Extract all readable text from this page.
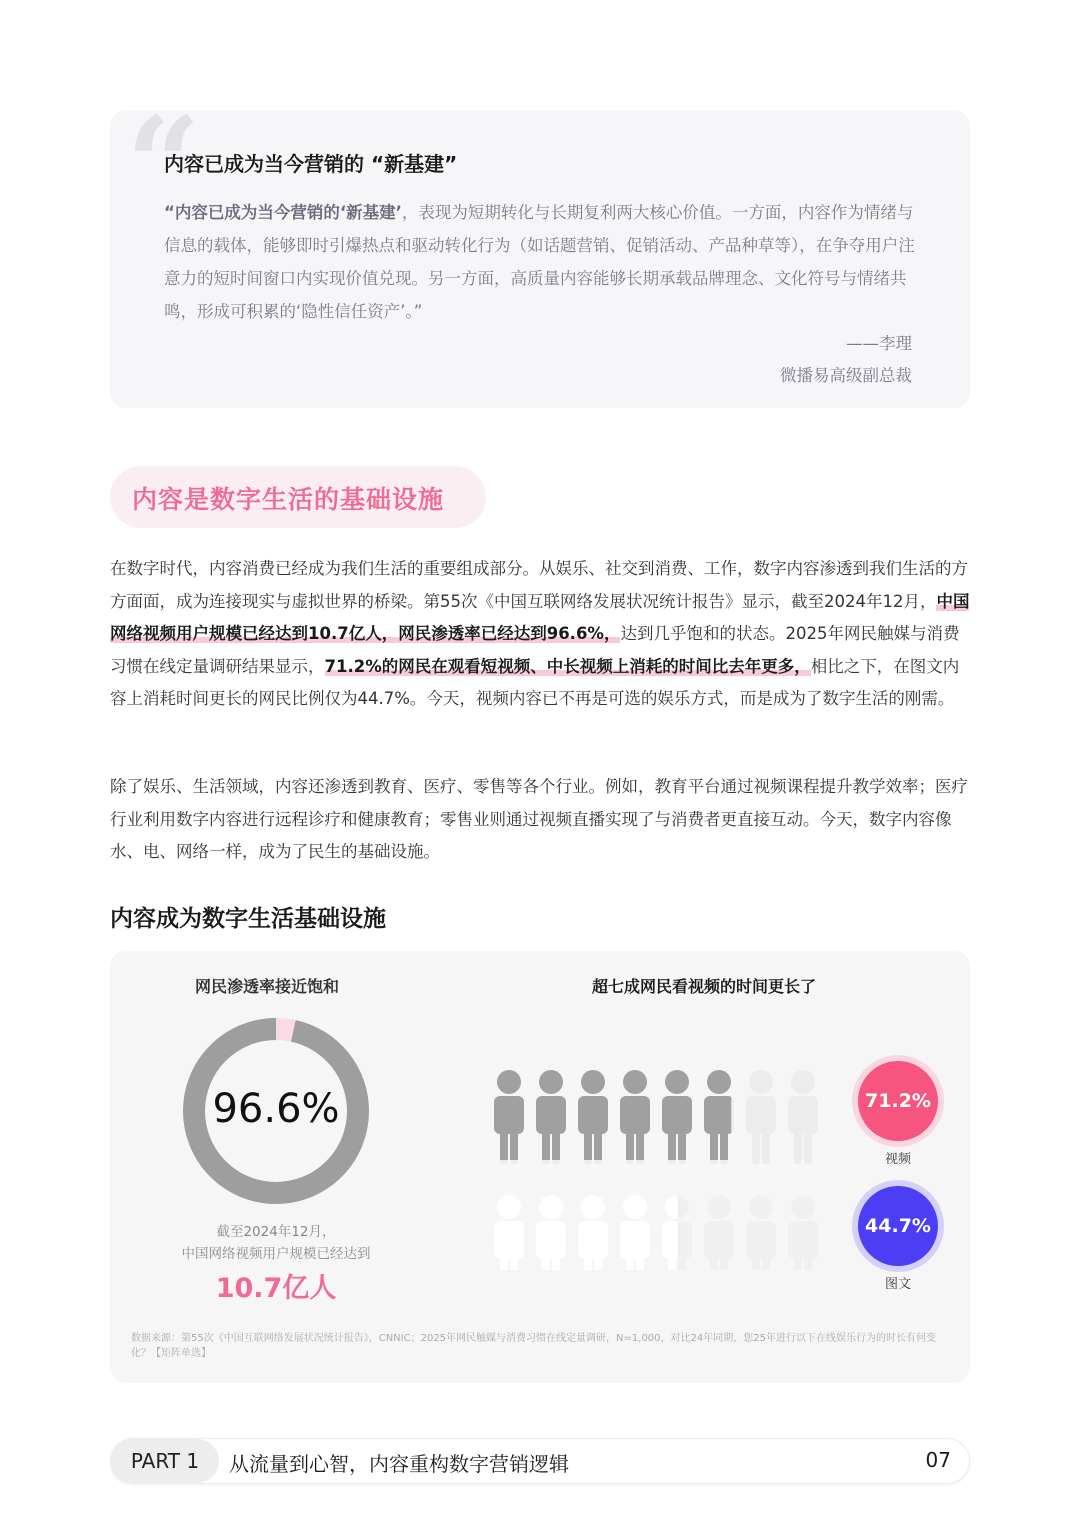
“
内容已成为当今营销的 “新基建”
“内容已成为当今营销的‘新基建’，表现为短期转化与长期复利两大核心价值。一方面，内容作为情绪与信息的载体，能够即时引爆热点和驱动转化行为（如话题营销、促销活动、产品种草等），在争夺用户注意力的短时间窗口内实现价值兑现。另一方面，高质量内容能够长期承载品牌理念、文化符号与情绪共鸣，形成可积累的‘隐性信任资产’。”
——李理
微播易高级副总裁
内容是数字生活的基础设施
在数字时代，内容消费已经成为我们生活的重要组成部分。从娱乐、社交到消费、工作，数字内容渗透到我们生活的方方面面，成为连接现实与虚拟世界的桥梁。第55次《中国互联网络发展状况统计报告》显示，截至2024年12月，中国网络视频用户规模已经达到10.7亿人，网民渗透率已经达到96.6%，达到几乎饱和的状态。2025年网民触媒与消费习惯在线定量调研结果显示，71.2%的网民在观看短视频、中长视频上消耗的时间比去年更多，相比之下，在图文内容上消耗时间更长的网民比例仅为44.7%。今天，视频内容已不再是可选的娱乐方式，而是成为了数字生活的刚需。
除了娱乐、生活领域，内容还渗透到教育、医疗、零售等各个行业。例如，教育平台通过视频课程提升教学效率；医疗行业利用数字内容进行远程诊疗和健康教育；零售业则通过视频直播实现了与消费者更直接互动。今天，数字内容像水、电、网络一样，成为了民生的基础设施。
内容成为数字生活基础设施
网民渗透率接近饱和	超七成网民看视频的时间更长了
96.6%
截至2024年12月，
中国网络视频用户规模已经达到
10.7亿人
71.2%
视频
44.7%
图文
数据来源：第55次《中国互联网络发展状况统计报告》，CNNIC；2025年网民触媒与消费习惯在线定量调研，N=1,000，对比24年同期，您25年进行以下在线娱乐行为的时长有何变化？【矩阵单选】
PART 1	从流量到心智，内容重构数字营销逻辑	07
